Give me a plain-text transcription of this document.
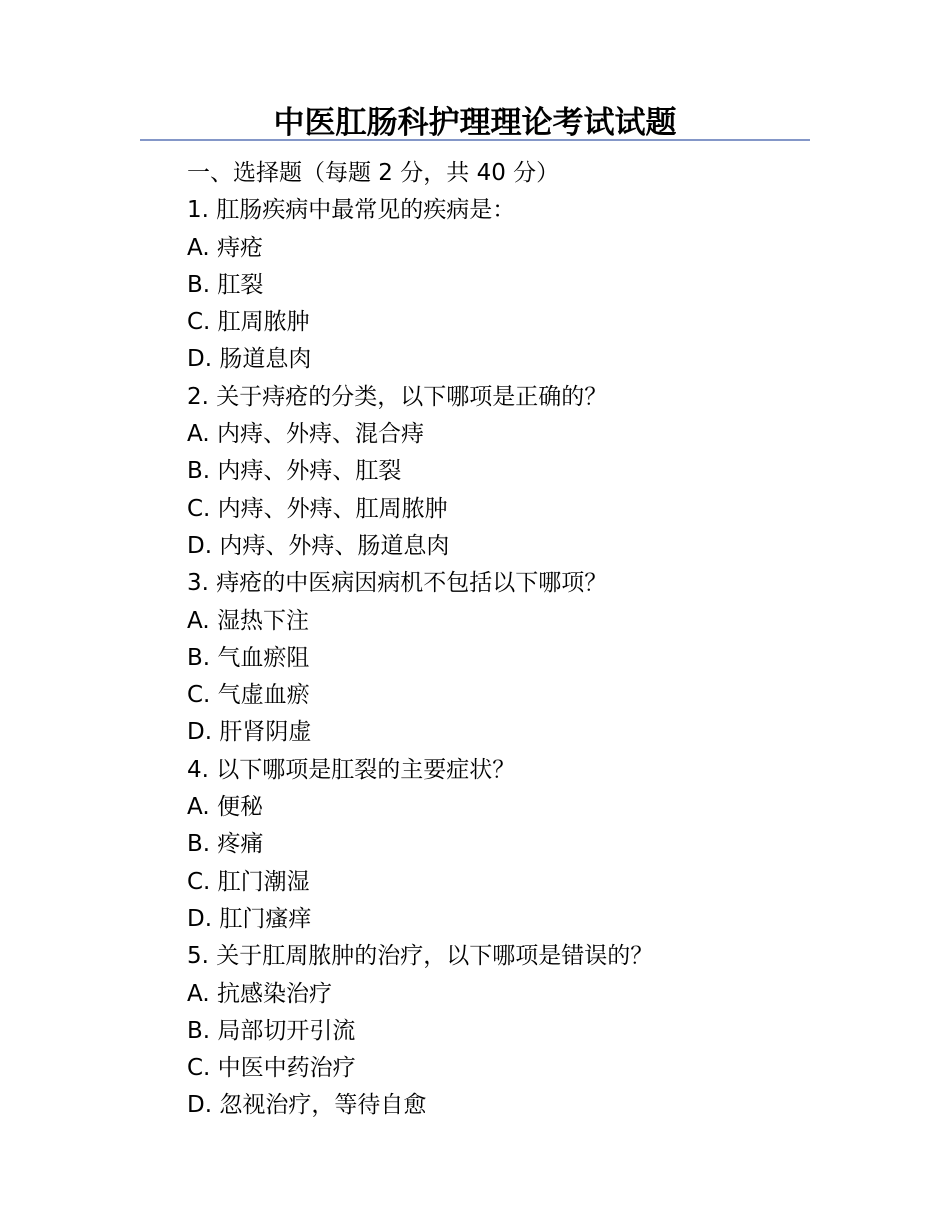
中医肛肠科护理理论考试试题
一、选择题（每题 2 分，共 40 分）
1. 肛肠疾病中最常见的疾病是：
A. 痔疮
B. 肛裂
C. 肛周脓肿
D. 肠道息肉
2. 关于痔疮的分类，以下哪项是正确的？
A. 内痔、外痔、混合痔
B. 内痔、外痔、肛裂
C. 内痔、外痔、肛周脓肿
D. 内痔、外痔、肠道息肉
3. 痔疮的中医病因病机不包括以下哪项？
A. 湿热下注
B. 气血瘀阻
C. 气虚血瘀
D. 肝肾阴虚
4. 以下哪项是肛裂的主要症状？
A. 便秘
B. 疼痛
C. 肛门潮湿
D. 肛门瘙痒
5. 关于肛周脓肿的治疗，以下哪项是错误的？
A. 抗感染治疗
B. 局部切开引流
C. 中医中药治疗
D. 忽视治疗，等待自愈
